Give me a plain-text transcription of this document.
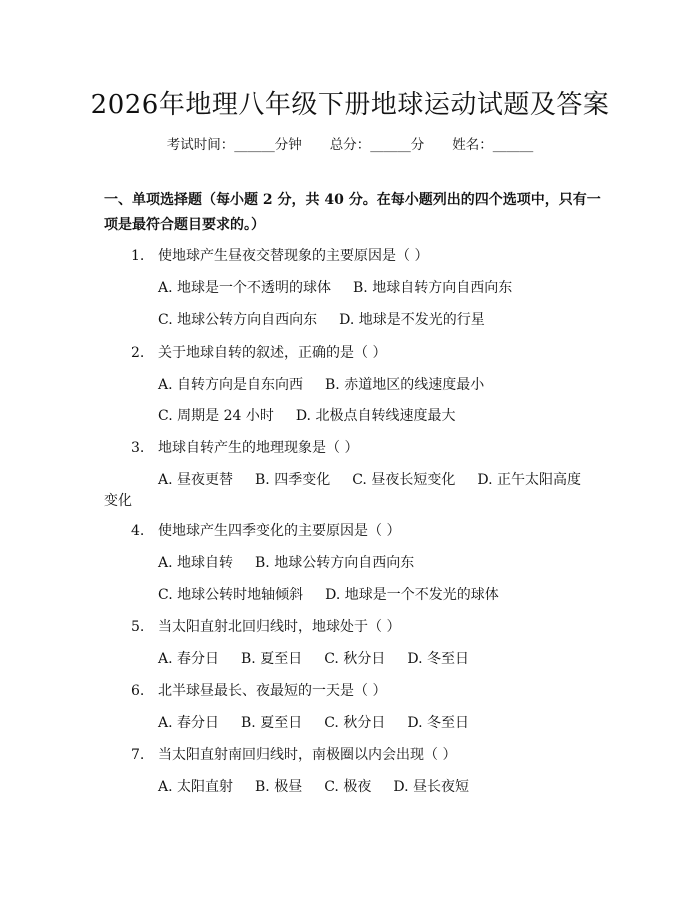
2026年地理八年级下册地球运动试题及答案
考试时间：______分钟 总分：______分 姓名：______
一、单项选择题（每小题 2 分，共 40 分。在每小题列出的四个选项中，只有一项是最符合题目要求的。）
1. 使地球产生昼夜交替现象的主要原因是（ ）
A. 地球是一个不透明的球体 B. 地球自转方向自西向东
C. 地球公转方向自西向东 D. 地球是不发光的行星
2. 关于地球自转的叙述，正确的是（ ）
A. 自转方向是自东向西 B. 赤道地区的线速度最小
C. 周期是 24 小时 D. 北极点自转线速度最大
3. 地球自转产生的地理现象是（ ）
A. 昼夜更替 B. 四季变化 C. 昼夜长短变化 D. 正午太阳高度
变化
4. 使地球产生四季变化的主要原因是（ ）
A. 地球自转 B. 地球公转方向自西向东
C. 地球公转时地轴倾斜 D. 地球是一个不发光的球体
5. 当太阳直射北回归线时，地球处于（ ）
A. 春分日 B. 夏至日 C. 秋分日 D. 冬至日
6. 北半球昼最长、夜最短的一天是（ ）
A. 春分日 B. 夏至日 C. 秋分日 D. 冬至日
7. 当太阳直射南回归线时，南极圈以内会出现（ ）
A. 太阳直射 B. 极昼 C. 极夜 D. 昼长夜短
